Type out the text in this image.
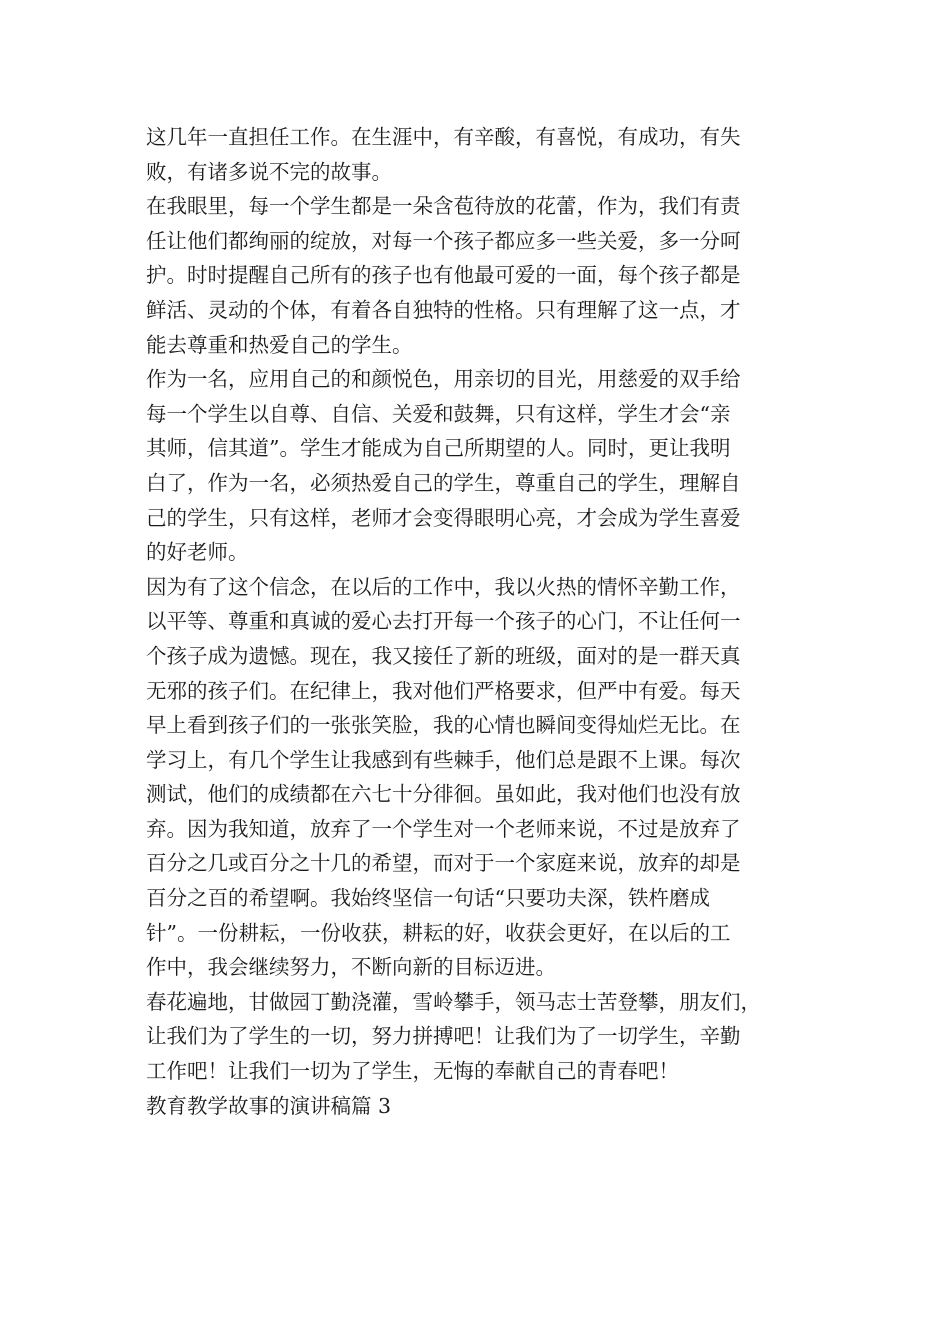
这几年一直担任工作。在生涯中，有辛酸，有喜悦，有成功，有失
败，有诸多说不完的故事。
在我眼里，每一个学生都是一朵含苞待放的花蕾，作为，我们有责
任让他们都绚丽的绽放，对每一个孩子都应多一些关爱，多一分呵
护。时时提醒自己所有的孩子也有他最可爱的一面，每个孩子都是
鲜活、灵动的个体，有着各自独特的性格。只有理解了这一点，才
能去尊重和热爱自己的学生。
作为一名，应用自己的和颜悦色，用亲切的目光，用慈爱的双手给
每一个学生以自尊、自信、关爱和鼓舞，只有这样，学生才会“亲
其师，信其道”。学生才能成为自己所期望的人。同时，更让我明
白了，作为一名，必须热爱自己的学生，尊重自己的学生，理解自
己的学生，只有这样，老师才会变得眼明心亮，才会成为学生喜爱
的好老师。
因为有了这个信念，在以后的工作中，我以火热的情怀辛勤工作，
以平等、尊重和真诚的爱心去打开每一个孩子的心门，不让任何一
个孩子成为遗憾。现在，我又接任了新的班级，面对的是一群天真
无邪的孩子们。在纪律上，我对他们严格要求，但严中有爱。每天
早上看到孩子们的一张张笑脸，我的心情也瞬间变得灿烂无比。在
学习上，有几个学生让我感到有些棘手，他们总是跟不上课。每次
测试，他们的成绩都在六七十分徘徊。虽如此，我对他们也没有放
弃。因为我知道，放弃了一个学生对一个老师来说，不过是放弃了
百分之几或百分之十几的希望，而对于一个家庭来说，放弃的却是
百分之百的希望啊。我始终坚信一句话“只要功夫深，铁杵磨成
针”。一份耕耘，一份收获，耕耘的好，收获会更好，在以后的工
作中，我会继续努力，不断向新的目标迈进。
春花遍地，甘做园丁勤浇灌，雪岭攀手，领马志士苦登攀，朋友们，
让我们为了学生的一切，努力拼搏吧！让我们为了一切学生，辛勤
工作吧！让我们一切为了学生，无悔的奉献自己的青春吧！
教育教学故事的演讲稿篇 3
